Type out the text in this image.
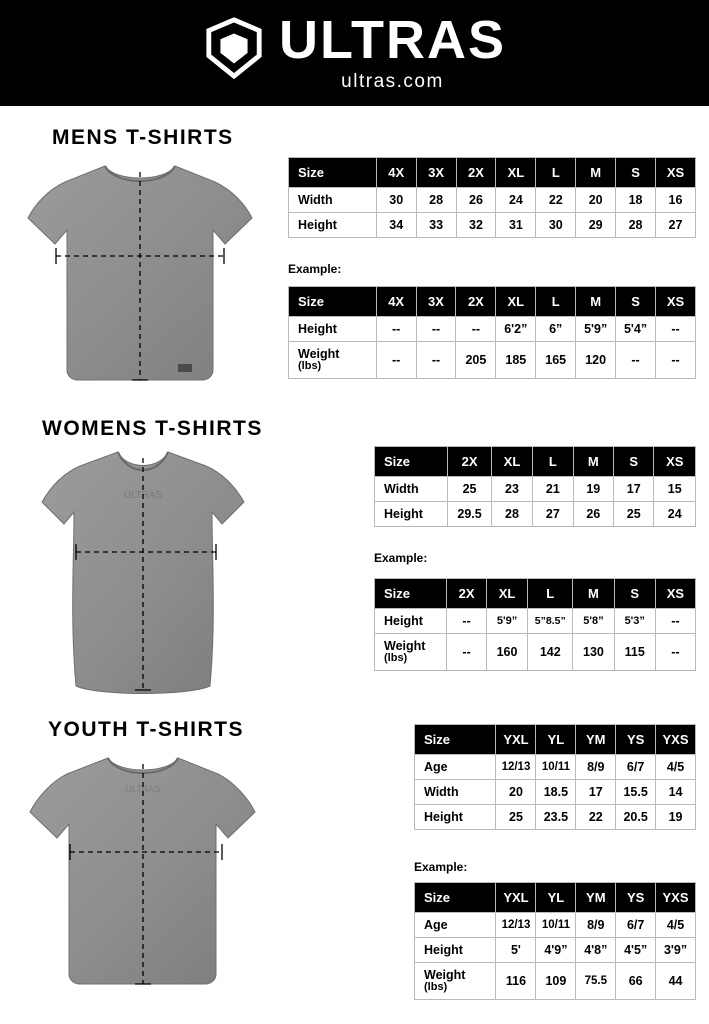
ULTRAS
ultras.com
MENS T-SHIRTS
Size	4X	3X	2X	XL	L	M	S	XS
Width	30	28	26	24	22	20	18	16
Height	34	33	32	31	30	29	28	27
Example:
Size	4X	3X	2X	XL	L	M	S	XS
Height	--	--	--	6'2”	6”	5'9”	5'4”	--
Weight
(lbs)	--	--	205	185	165	120	--	--
WOMENS T-SHIRTS
ULTRAS
Size	2X	XL	L	M	S	XS
Width	25	23	21	19	17	15
Height	29.5	28	27	26	25	24
Example:
Size	2X	XL	L	M	S	XS
Height	--	5'9”	5”8.5”	5'8”	5'3”	--
Weight
(lbs)	--	160	142	130	115	--
YOUTH T-SHIRTS
ULTRAS
Size	YXL	YL	YM	YS	YXS
Age	12/13	10/11	8/9	6/7	4/5
Width	20	18.5	17	15.5	14
Height	25	23.5	22	20.5	19
Example:
Size	YXL	YL	YM	YS	YXS
Age	12/13	10/11	8/9	6/7	4/5
Height	5'	4'9”	4'8”	4'5”	3'9”
Weight
(lbs)	116	109	75.5	66	44
